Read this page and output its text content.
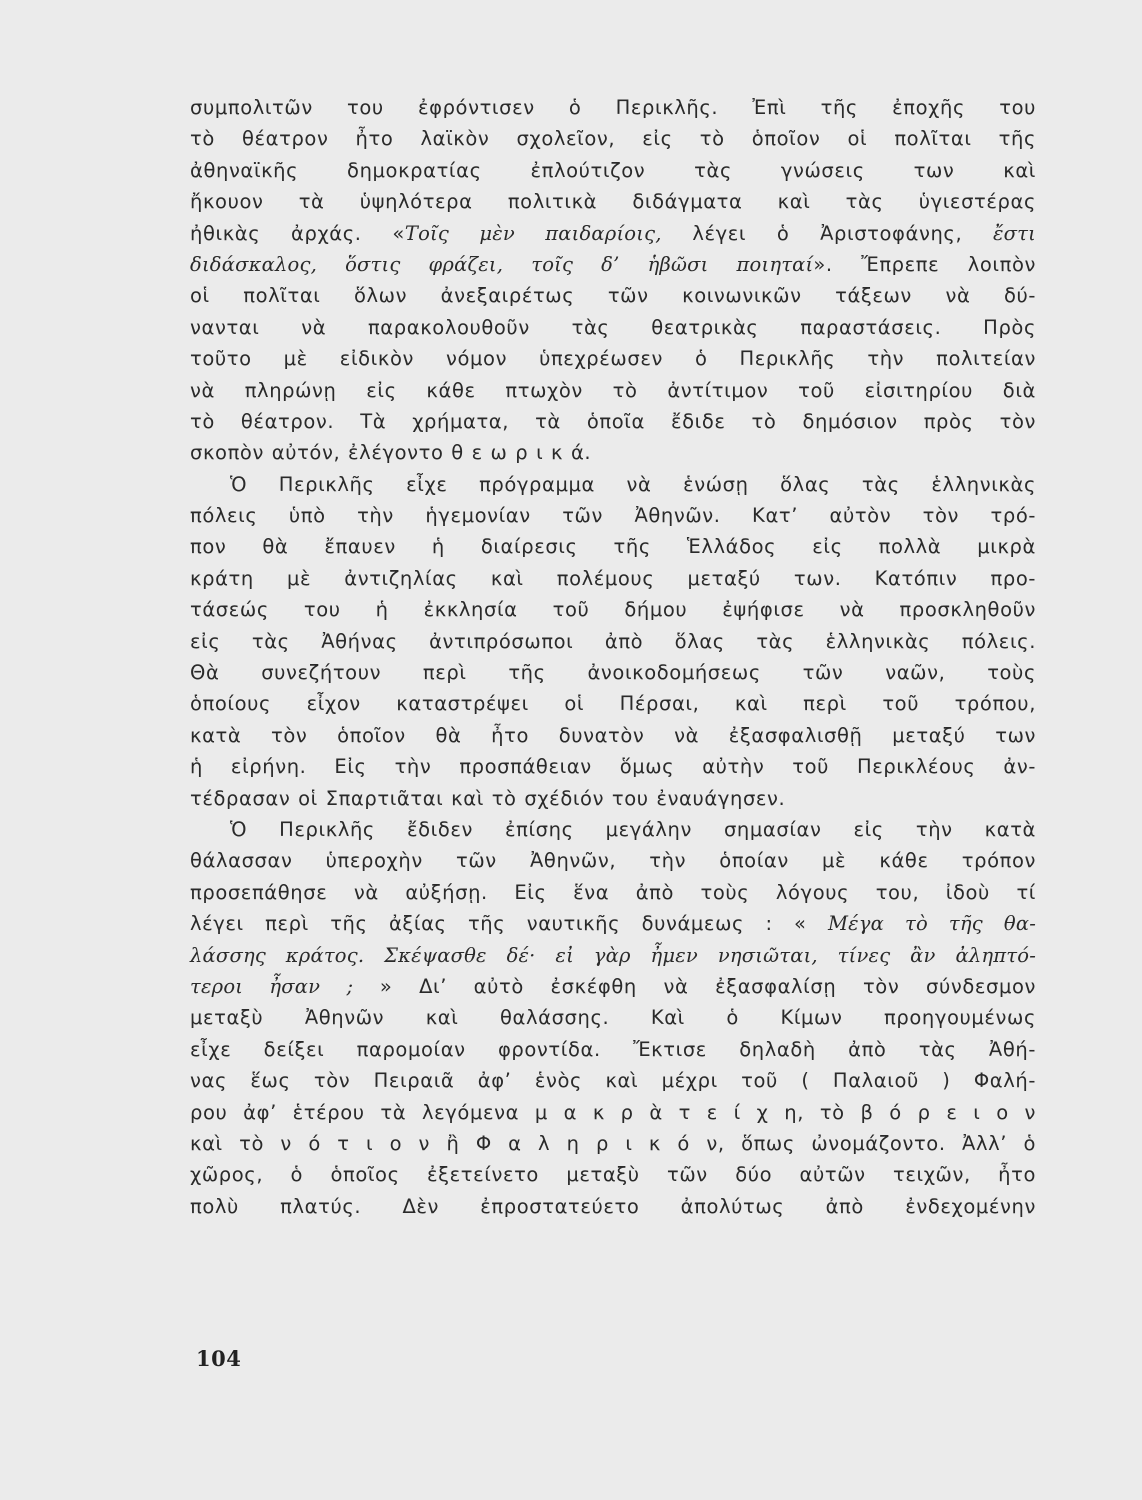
συμπολιτῶν του ἐφρόντισεν ὁ Περικλῆς. Ἐπὶ τῆς ἐποχῆς του
τὸ θέατρον ἦτο λαϊκὸν σχολεῖον, εἰς τὸ ὁποῖον οἱ πολῖται τῆς
ἀθηναϊκῆς δημοκρατίας ἐπλούτιζον τὰς γνώσεις των καὶ
ἤκουον τὰ ὑψηλότερα πολιτικὰ διδάγματα καὶ τὰς ὑγιεστέρας
ἠθικὰς ἀρχάς. «Τοῖς μὲν παιδαρίοις, λέγει ὁ Ἀριστοφάνης, ἔστι
διδάσκαλος, ὅστις φράζει, τοῖς δ’ ἡβῶσι ποιηταί». Ἔπρεπε λοιπὸν
οἱ πολῖται ὅλων ἀνεξαιρέτως τῶν κοινωνικῶν τάξεων νὰ δύ-
νανται νὰ παρακολουθοῦν τὰς θεατρικὰς παραστάσεις. Πρὸς
τοῦτο μὲ εἰδικὸν νόμον ὑπεχρέωσεν ὁ Περικλῆς τὴν πολιτείαν
νὰ πληρώνῃ εἰς κάθε πτωχὸν τὸ ἀντίτιμον τοῦ εἰσιτηρίου διὰ
τὸ θέατρον. Τὰ χρήματα, τὰ ὁποῖα ἔδιδε τὸ δημόσιον πρὸς τὸν
σκοπὸν αὐτόν, ἐλέγοντο θ ε ω ρ ι κ ά.
Ὁ Περικλῆς εἶχε πρόγραμμα νὰ ἑνώσῃ ὅλας τὰς ἑλληνικὰς
πόλεις ὑπὸ τὴν ἡγεμονίαν τῶν Ἀθηνῶν. Κατ’ αὐτὸν τὸν τρό-
πον θὰ ἔπαυεν ἡ διαίρεσις τῆς Ἑλλάδος εἰς πολλὰ μικρὰ
κράτη μὲ ἀντιζηλίας καὶ πολέμους μεταξύ των. Κατόπιν προ-
τάσεώς του ἡ ἐκκλησία τοῦ δήμου ἐψήφισε νὰ προσκληθοῦν
εἰς τὰς Ἀθήνας ἀντιπρόσωποι ἀπὸ ὅλας τὰς ἑλληνικὰς πόλεις.
Θὰ συνεζήτουν περὶ τῆς ἀνοικοδομήσεως τῶν ναῶν, τοὺς
ὁποίους εἶχον καταστρέψει οἱ Πέρσαι, καὶ περὶ τοῦ τρόπου,
κατὰ τὸν ὁποῖον θὰ ἦτο δυνατὸν νὰ ἐξασφαλισθῇ μεταξύ των
ἡ εἰρήνη. Εἰς τὴν προσπάθειαν ὅμως αὐτὴν τοῦ Περικλέους ἀν-
τέδρασαν οἱ Σπαρτιᾶται καὶ τὸ σχέδιόν του ἐναυάγησεν.
Ὁ Περικλῆς ἔδιδεν ἐπίσης μεγάλην σημασίαν εἰς τὴν κατὰ
θάλασσαν ὑπεροχὴν τῶν Ἀθηνῶν, τὴν ὁποίαν μὲ κάθε τρόπον
προσεπάθησε νὰ αὐξήσῃ. Εἰς ἕνα ἀπὸ τοὺς λόγους του, ἰδοὺ τί
λέγει περὶ τῆς ἀξίας τῆς ναυτικῆς δυνάμεως : « Μέγα τὸ τῆς θα-
λάσσης κράτος. Σκέψασθε δέ· εἰ γὰρ ἦμεν νησιῶται, τίνες ἂν ἀληπτό-
τεροι ἦσαν ; » Δι’ αὐτὸ ἐσκέφθη νὰ ἐξασφαλίσῃ τὸν σύνδεσμον
μεταξὺ Ἀθηνῶν καὶ θαλάσσης. Καὶ ὁ Κίμων προηγουμένως
εἶχε δείξει παρομοίαν φροντίδα. Ἔκτισε δηλαδὴ ἀπὸ τὰς Ἀθή-
νας ἕως τὸν Πειραιᾶ ἀφ’ ἑνὸς καὶ μέχρι τοῦ ( Παλαιοῦ ) Φαλή-
ρου ἀφ’ ἑτέρου τὰ λεγόμενα μ α κ ρ ὰ τ ε ί χ η, τὸ β ό ρ ε ι ο ν
καὶ τὸ ν ό τ ι ο ν ἢ Φ α λ η ρ ι κ ό ν, ὅπως ὠνομάζοντο. Ἀλλ’ ὁ
χῶρος, ὁ ὁποῖος ἐξετείνετο μεταξὺ τῶν δύο αὐτῶν τειχῶν, ἦτο
πολὺ πλατύς. Δὲν ἐπροστατεύετο ἀπολύτως ἀπὸ ἐνδεχομένην
104
